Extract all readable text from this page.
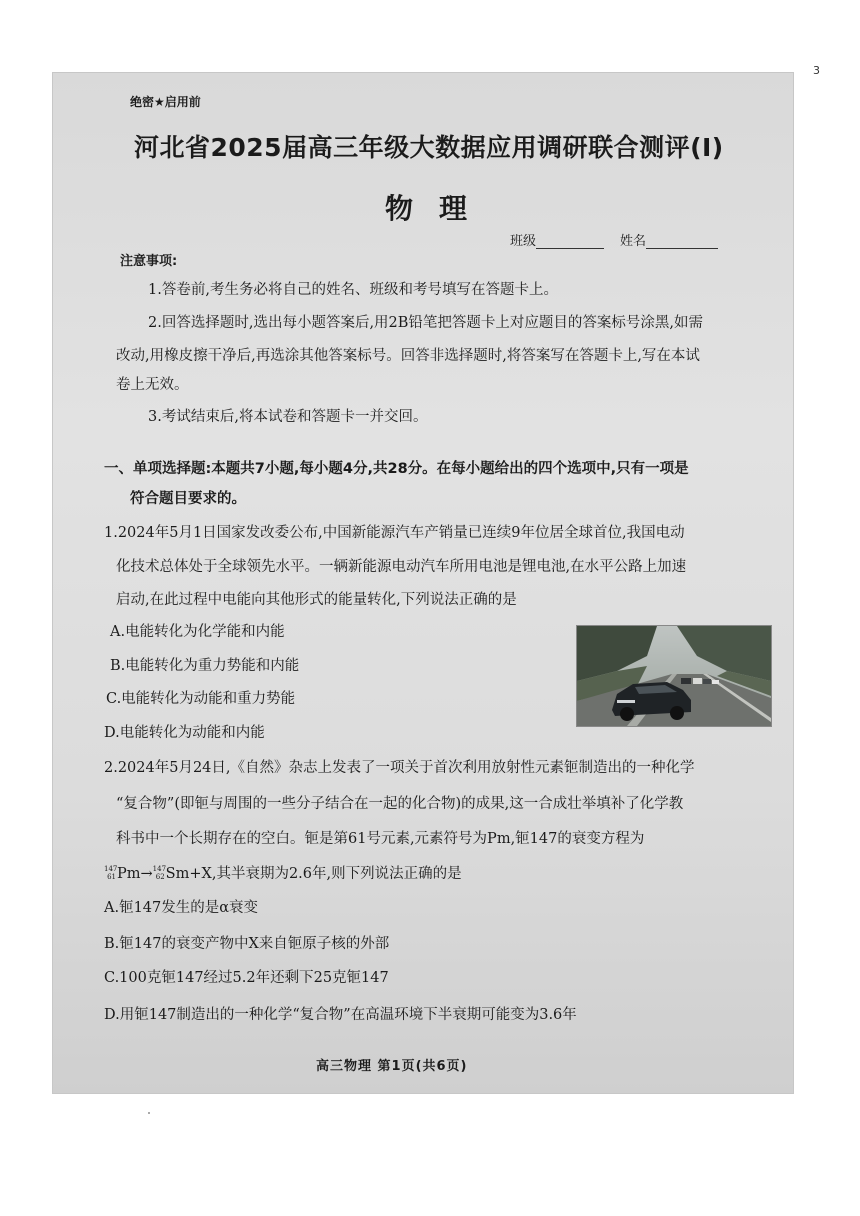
3
绝密★启用前
河北省2025届高三年级大数据应用调研联合测评(I)
物理
班级	姓名
注意事项:
1.答卷前,考生务必将自己的姓名、班级和考号填写在答题卡上。
2.回答选择题时,选出每小题答案后,用2B铅笔把答题卡上对应题目的答案标号涂黑,如需
改动,用橡皮擦干净后,再选涂其他答案标号。回答非选择题时,将答案写在答题卡上,写在本试
卷上无效。
3.考试结束后,将本试卷和答题卡一并交回。
一、单项选择题:本题共7小题,每小题4分,共28分。在每小题给出的四个选项中,只有一项是
符合题目要求的。
1.2024年5月1日国家发改委公布,中国新能源汽车产销量已连续9年位居全球首位,我国电动
化技术总体处于全球领先水平。一辆新能源电动汽车所用电池是锂电池,在水平公路上加速
启动,在此过程中电能向其他形式的能量转化,下列说法正确的是
A.电能转化为化学能和内能
B.电能转化为重力势能和内能
C.电能转化为动能和重力势能
D.电能转化为动能和内能
2.2024年5月24日,《自然》杂志上发表了一项关于首次利用放射性元素钷制造出的一种化学
“复合物”(即钷与周围的一些分子结合在一起的化合物)的成果,这一合成壮举填补了化学教
科书中一个长期存在的空白。钷是第61号元素,元素符号为Pm,钷147的衰变方程为
147
61 Pm→ 147
62 Sm+X,其半衰期为2.6年,则下列说法正确的是
A.钷147发生的是α衰变
B.钷147的衰变产物中X来自钷原子核的外部
C.100克钷147经过5.2年还剩下25克钷147
D.用钷147制造出的一种化学“复合物”在高温环境下半衰期可能变为3.6年
高三物理 第1页(共6页)
